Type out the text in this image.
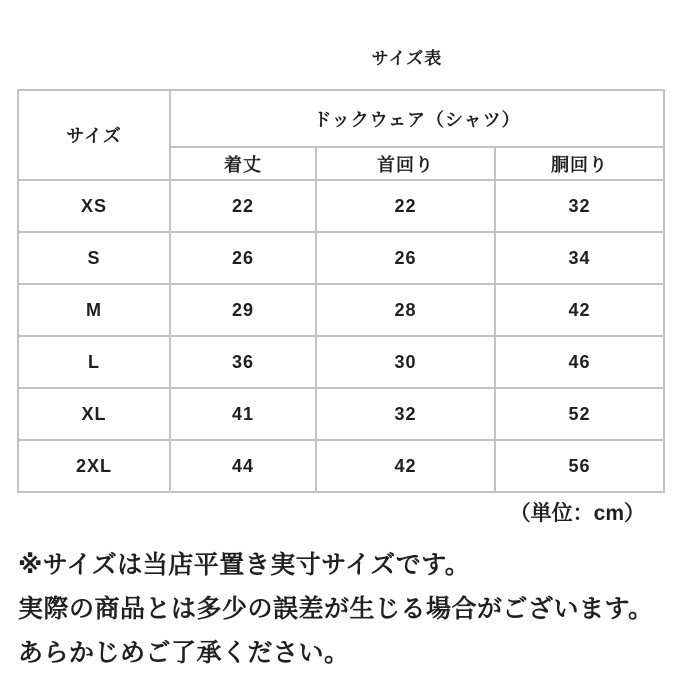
サイズ表
サイズ	ドックウェア（シャツ）		
	着丈	首回り	胴回り
XS	22	22	32
S	26	26	34
M	29	28	42
L	36	30	46
XL	41	32	52
2XL	44	42	56
（単位：cm）
※サイズは当店平置き実寸サイズです。
実際の商品とは多少の誤差が生じる場合がございます。
あらかじめご了承ください。
